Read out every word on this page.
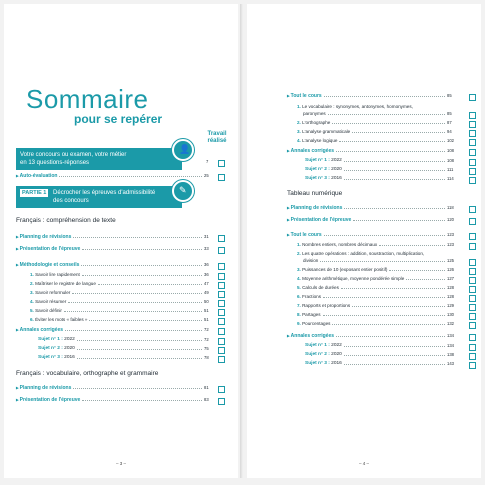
Sommaire
pour se repérer
Travail
réalisé
Votre concours ou examen, votre métier
en 13 questions-réponses
👤
7
PARTIE 1 Décrocher les épreuves d'admissibilité
des concours
✎
▶ Auto-évaluation	25
Français : compréhension de texte
▶ Planning de révisions	31
▶ Présentation de l'épreuve	33
▶ Méthodologie et conseils	36
1. Savoir lire rapidement	36
2. Maîtriser le registre de langue	47
3. Savoir reformuler	49
4. Savoir résumer	50
5. Savoir définir	51
6. Éviter les mots « faibles »	51
▶ Annales corrigées	72
Sujet n° 1 : 2022	72
Sujet n° 2 : 2020	75
Sujet n° 3 : 2016	78
Français : vocabulaire, orthographe et grammaire
▶ Planning de révisions	81
▶ Présentation de l'épreuve	83
– 3 –
▶ Tout le cours	85
1. Le vocabulaire : synonymes, antonymes, homonymes,
paronymes	85
2. L'orthographe	87
3. L'analyse grammaticale	94
4. L'analyse logique	102
▶ Annales corrigées	108
Sujet n° 1 : 2022	108
Sujet n° 2 : 2020	111
Sujet n° 3 : 2016	114
Tableau numérique
▶ Planning de révisions	118
▶ Présentation de l'épreuve	120
▶ Tout le cours	123
1. Nombres entiers, nombres décimaux	123
2. Les quatre opérations : addition, soustraction, multiplication,
division	125
3. Puissances de 10 (exposant entier positif)	126
4. Moyenne arithmétique, moyenne pondérée simple	127
5. Calculs de durées	128
6. Fractions	128
7. Rapports et proportions	129
8. Partages	130
9. Pourcentages	132
▶ Annales corrigées	134
Sujet n° 1 : 2022	134
Sujet n° 2 : 2020	138
Sujet n° 3 : 2016	143
– 4 –
